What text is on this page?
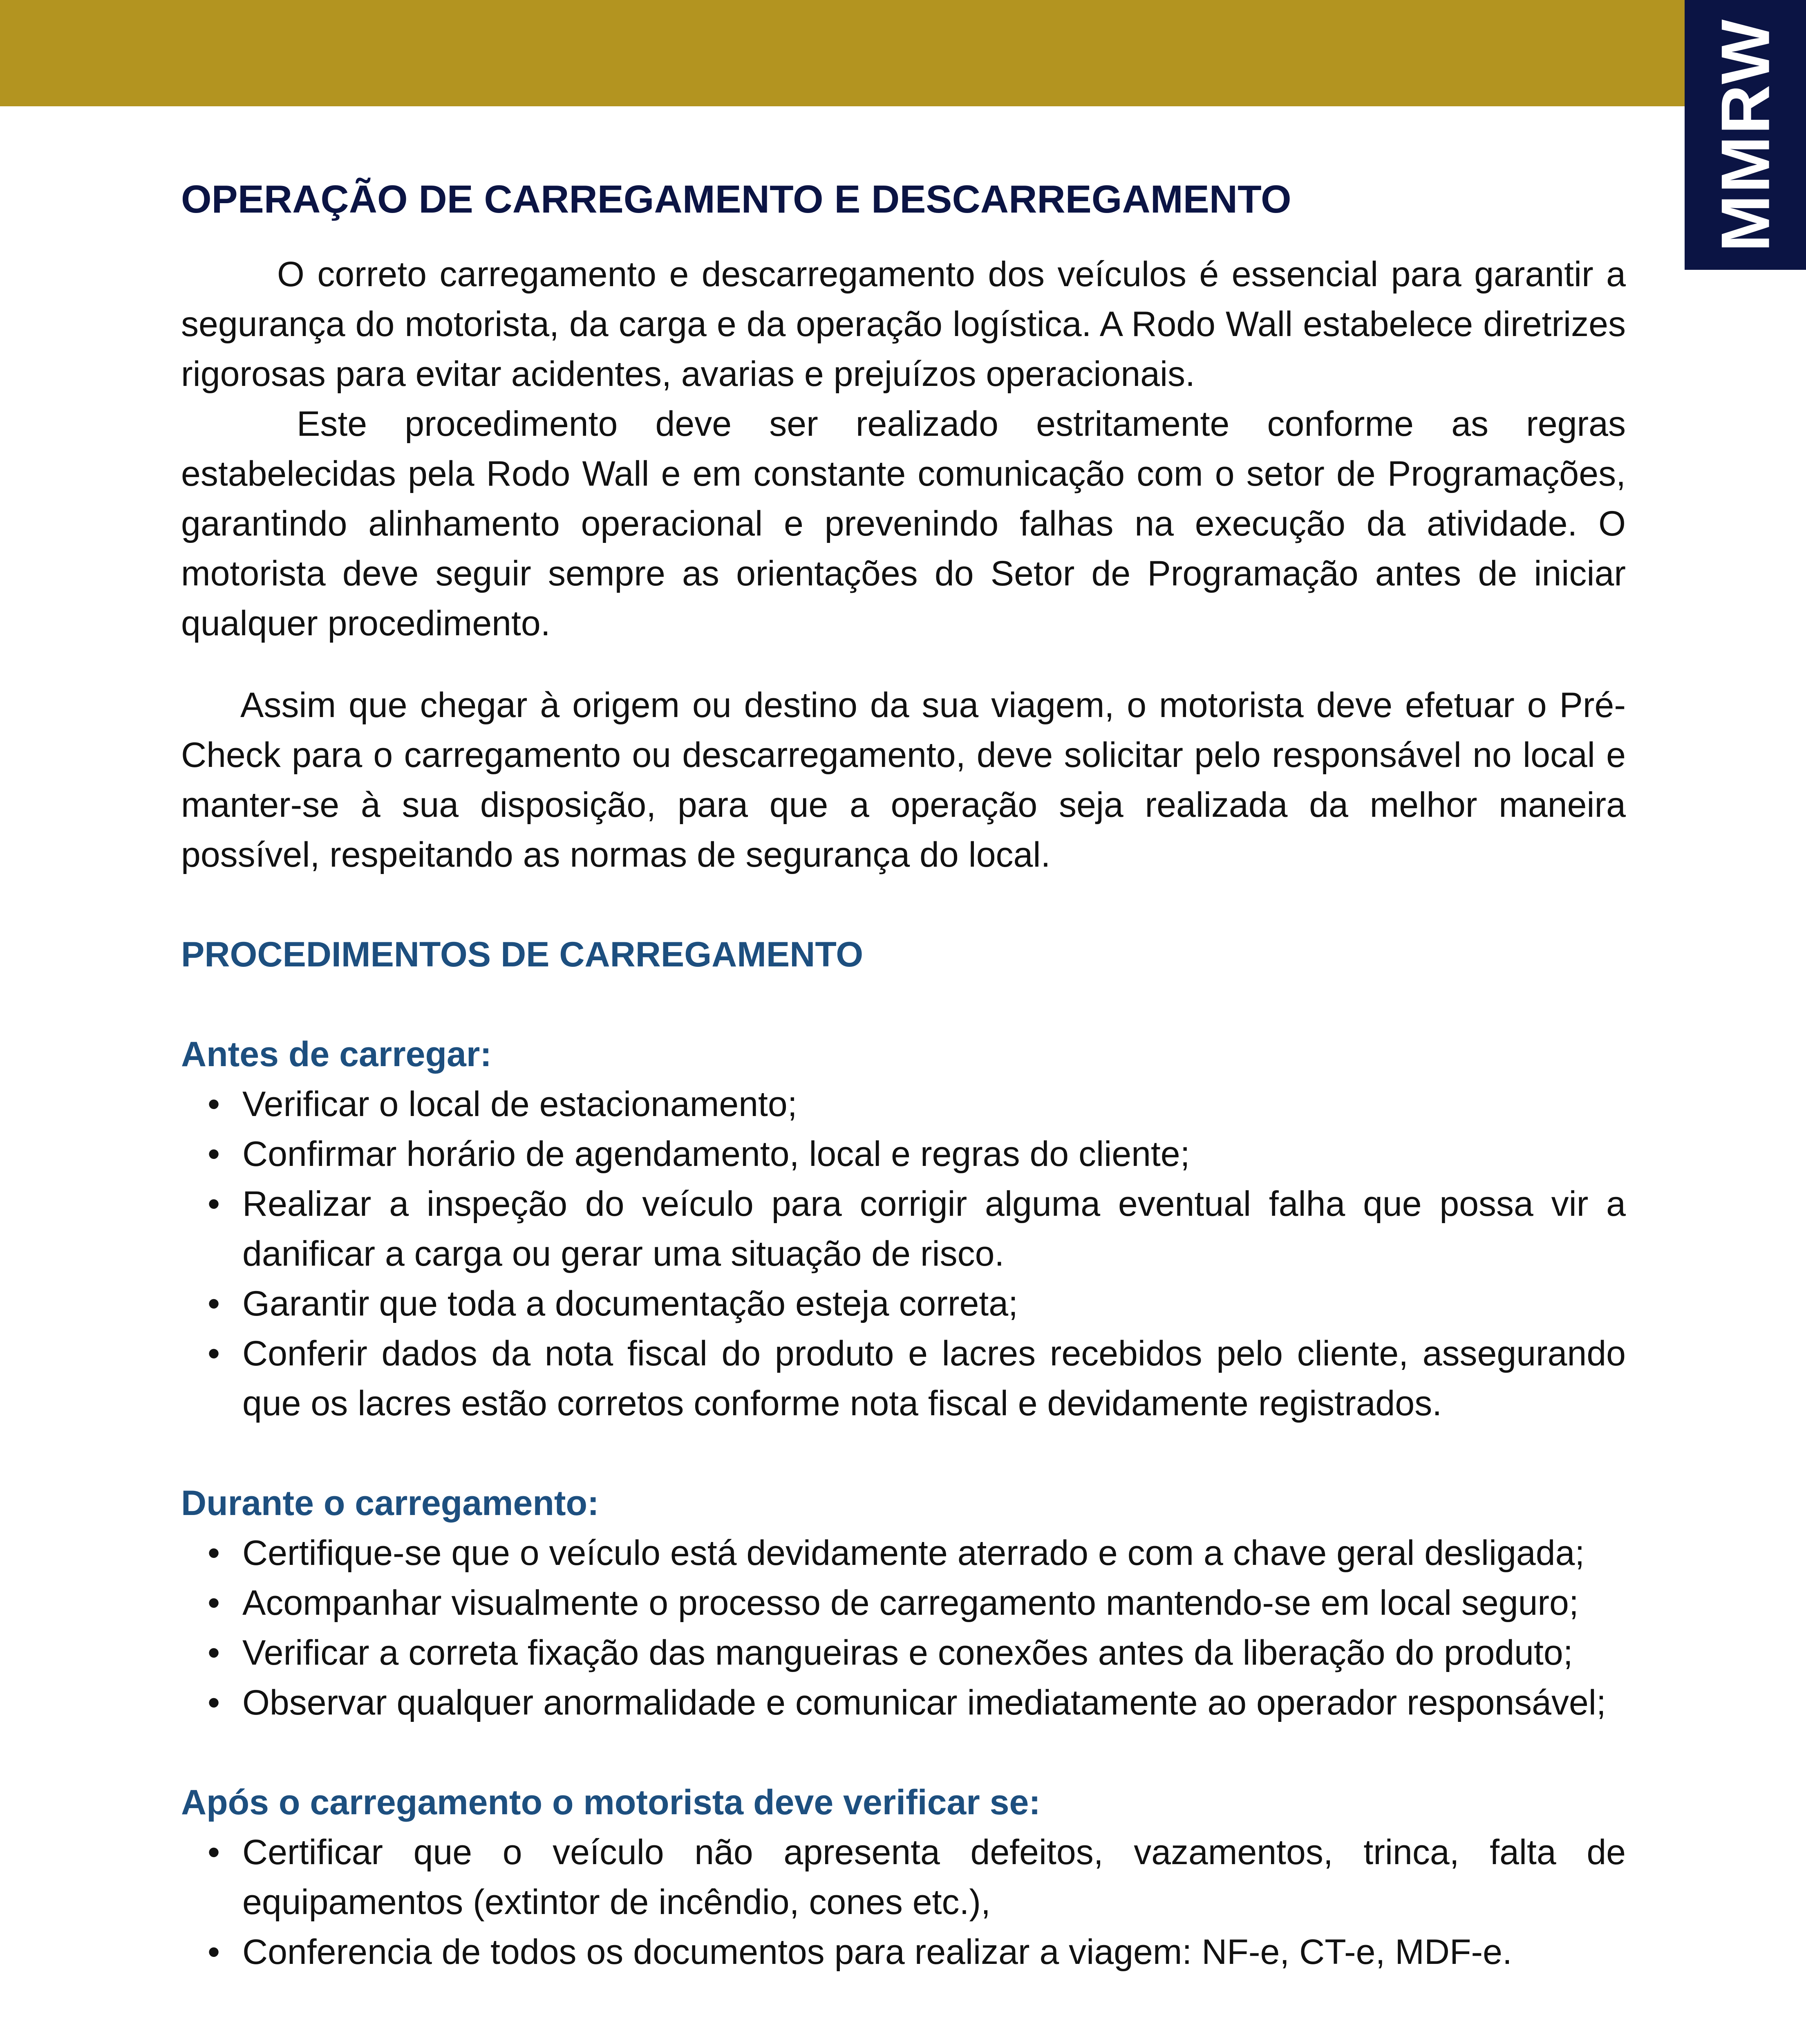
MMRW
OPERAÇÃO DE CARREGAMENTO E DESCARREGAMENTO

O correto carregamento e descarregamento dos veículos é essencial para garantir a segurança do motorista, da carga e da operação logística. A Rodo Wall estabelece diretrizes rigorosas para evitar acidentes, avarias e prejuízos operacionais.

Este procedimento deve ser realizado estritamente conforme as regras estabelecidas pela Rodo Wall e em constante comunicação com o setor de Programações, garantindo alinhamento operacional e prevenindo falhas na execução da atividade. O motorista deve seguir sempre as orientações do Setor de Programação antes de iniciar qualquer procedimento.

Assim que chegar à origem ou destino da sua viagem, o motorista deve efetuar o Pré-Check para o carregamento ou descarregamento, deve solicitar pelo responsável no local e manter-se à sua disposição, para que a operação seja realizada da melhor maneira possível, respeitando as normas de segurança do local.

PROCEDIMENTOS DE CARREGAMENTO
Antes de carregar:
• Verificar o local de estacionamento;
• Confirmar horário de agendamento, local e regras do cliente;
• Realizar a inspeção do veículo para corrigir alguma eventual falha que possa vir a danificar a carga ou gerar uma situação de risco.
• Garantir que toda a documentação esteja correta;
• Conferir dados da nota fiscal do produto e lacres recebidos pelo cliente, assegurando que os lacres estão corretos conforme nota fiscal e devidamente registrados.
Durante o carregamento:
• Certifique-se que o veículo está devidamente aterrado e com a chave geral desligada;
• Acompanhar visualmente o processo de carregamento mantendo-se em local seguro;
• Verificar a correta fixação das mangueiras e conexões antes da liberação do produto;
• Observar qualquer anormalidade e comunicar imediatamente ao operador responsável;
Após o carregamento o motorista deve verificar se:
• Certificar que o veículo não apresenta defeitos, vazamentos, trinca, falta de equipamentos (extintor de incêndio, cones etc.),
• Conferencia de todos os documentos para realizar a viagem: NF-e, CT-e, MDF-e.
